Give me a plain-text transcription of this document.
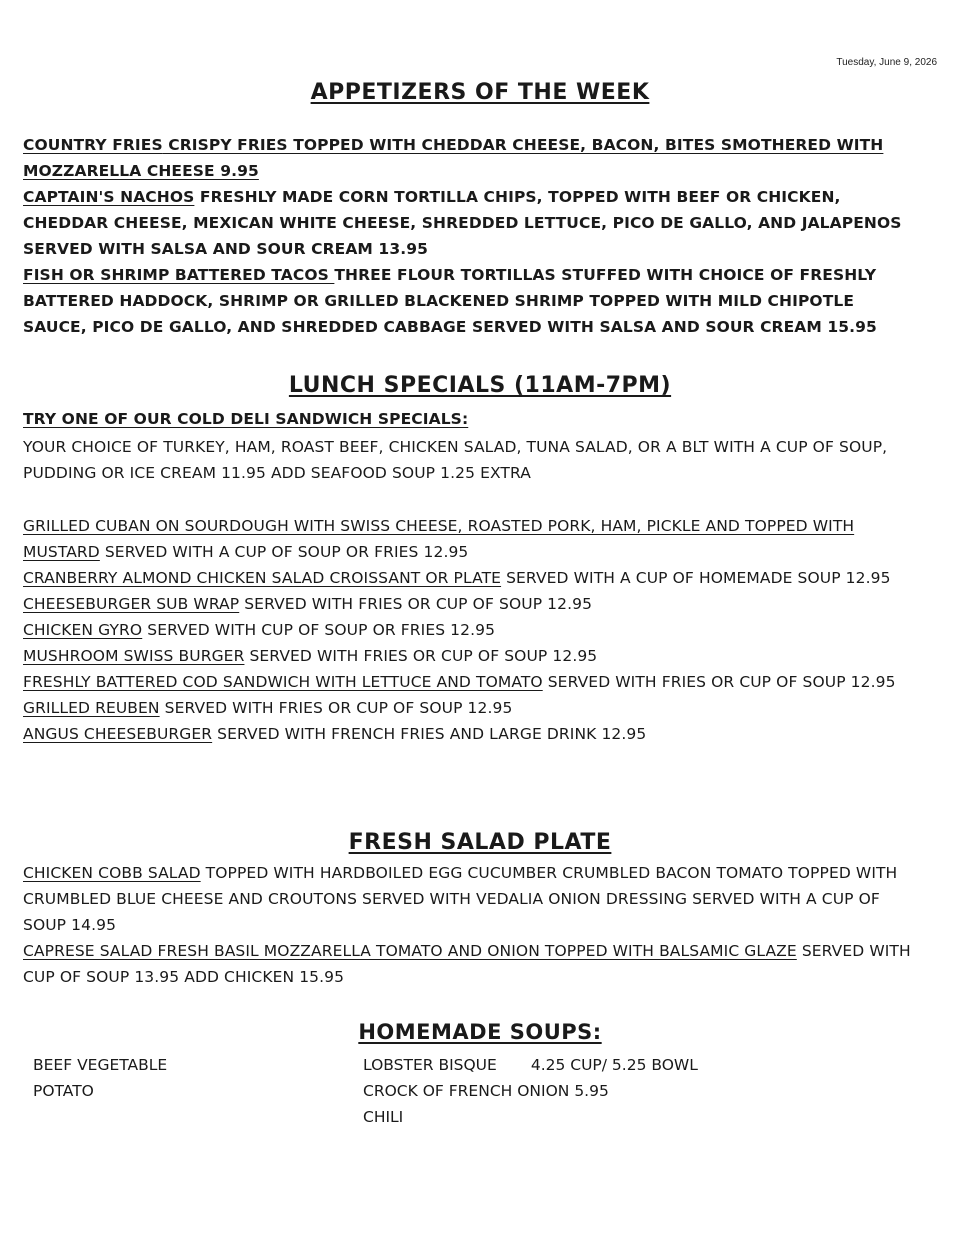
Tuesday, June 9, 2026
APPETIZERS OF THE WEEK

COUNTRY FRIES CRISPY FRIES TOPPED WITH CHEDDAR CHEESE, BACON, BITES SMOTHERED WITH MOZZARELLA CHEESE 9.95

CAPTAIN'S NACHOS FRESHLY MADE CORN TORTILLA CHIPS, TOPPED WITH BEEF OR CHICKEN, CHEDDAR CHEESE, MEXICAN WHITE CHEESE, SHREDDED LETTUCE, PICO DE GALLO, AND JALAPENOS SERVED WITH SALSA AND SOUR CREAM 13.95

FISH OR SHRIMP BATTERED TACOS THREE FLOUR TORTILLAS STUFFED WITH CHOICE OF FRESHLY BATTERED HADDOCK, SHRIMP OR GRILLED BLACKENED SHRIMP TOPPED WITH MILD CHIPOTLE SAUCE, PICO DE GALLO, AND SHREDDED CABBAGE SERVED WITH SALSA AND SOUR CREAM 15.95

LUNCH SPECIALS (11AM-7PM)
TRY ONE OF OUR COLD DELI SANDWICH SPECIALS:
YOUR CHOICE OF TURKEY, HAM, ROAST BEEF, CHICKEN SALAD, TUNA SALAD, OR A BLT WITH A CUP OF SOUP, PUDDING OR ICE CREAM 11.95 ADD SEAFOOD SOUP 1.25 EXTRA

GRILLED CUBAN ON SOURDOUGH WITH SWISS CHEESE, ROASTED PORK, HAM, PICKLE AND TOPPED WITH MUSTARD SERVED WITH A CUP OF SOUP OR FRIES 12.95

CRANBERRY ALMOND CHICKEN SALAD CROISSANT OR PLATE SERVED WITH A CUP OF HOMEMADE SOUP 12.95

CHEESEBURGER SUB WRAP SERVED WITH FRIES OR CUP OF SOUP 12.95

CHICKEN GYRO SERVED WITH CUP OF SOUP OR FRIES 12.95

MUSHROOM SWISS BURGER SERVED WITH FRIES OR CUP OF SOUP 12.95

FRESHLY BATTERED COD SANDWICH WITH LETTUCE AND TOMATO SERVED WITH FRIES OR CUP OF SOUP 12.95

GRILLED REUBEN SERVED WITH FRIES OR CUP OF SOUP 12.95

ANGUS CHEESEBURGER SERVED WITH FRENCH FRIES AND LARGE DRINK 12.95

FRESH SALAD PLATE

CHICKEN COBB SALAD TOPPED WITH HARDBOILED EGG CUCUMBER CRUMBLED BACON TOMATO TOPPED WITH CRUMBLED BLUE CHEESE AND CROUTONS SERVED WITH VEDALIA ONION DRESSING SERVED WITH A CUP OF SOUP 14.95

CAPRESE SALAD FRESH BASIL MOZZARELLA TOMATO AND ONION TOPPED WITH BALSAMIC GLAZE SERVED WITH CUP OF SOUP 13.95 ADD CHICKEN 15.95

HOMEMADE SOUPS:
BEEF VEGETABLE
POTATO
LOBSTER BISQUE 4.25 CUP/ 5.25 BOWL
CROCK OF FRENCH ONION 5.95
CHILI
